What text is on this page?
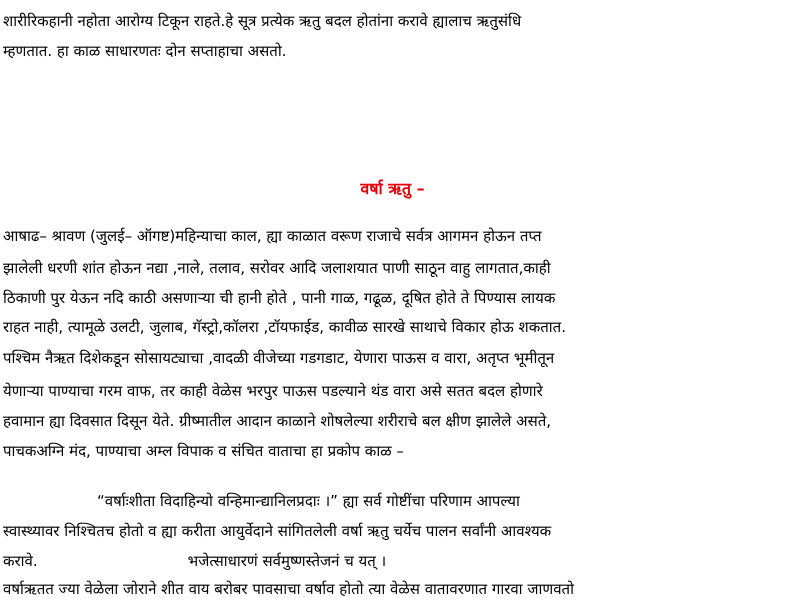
शारीरिकहानी नहोता आरोग्य टिकून राहते.हे सूत्र प्रत्येक ऋतु बदल होतांना करावे ह्यालाच ऋतुसंधि
म्हणतात. हा काळ साधारणतः दोन सप्ताहाचा असतो.
वर्षा ऋतु –
आषाढ– श्रावण (जुलई– ऑगष्ट)महिन्याचा काल, ह्या काळात वरूण राजाचे सर्वत्र आगमन होऊन तप्त
झालेली धरणी शांत होऊन नद्या ,नाले, तलाव, सरोवर आदि जलाशयात पाणी साठून वाहु लागतात,काही
ठिकाणी पुर येऊन नदि काठी असणाऱ्या ची हानी होते , पानी गाळ, गढूळ, दूषित होते ते पिण्यास लायक
राहत नाही, त्यामूळे उलटी, जुलाब, गॅस्ट्रो,कॉलरा ,टॉयफाईड, कावीळ सारखे साथाचे विकार होऊ शकतात.
पश्चिम नैऋत दिशेकडून सोसायट्याचा ,वादळी वीजेच्या गडगडाट, येणारा पाऊस व वारा, अतृप्त भूमीतून
येणाऱ्या पाण्याचा गरम वाफ, तर काही वेळेस भरपुर पाऊस पडल्याने थंड वारा असे सतत बदल होणारे
हवामान ह्या दिवसात दिसून येते. ग्रीष्मातील आदान काळाने शोषलेल्या शरीराचे बल क्षीण झालेले असते,
पाचकअग्नि मंद, पाण्याचा अम्ल विपाक व संचित वाताचा हा प्रकोप काळ –
“वर्षाःशीता विदाहिन्यो वन्हिमान्द्यानिलप्रदाः ।” ह्या सर्व गोष्टींचा परिणाम आपल्या
स्वास्थ्यावर निश्चितच होतो व ह्या करीता आयुर्वेदाने सांगितलेली वर्षा ऋतु चर्येच पालन सर्वांनी आवश्यक
करावे.	भजेत्साधारणं सर्वमुष्णस्तेजनं च यत् ।
वर्षाऋतत ज्या वेळेला जोराने शीत वाय बरोबर पावसाचा वर्षाव होतो त्या वेळेस वातावरणात गारवा जाणवतो
